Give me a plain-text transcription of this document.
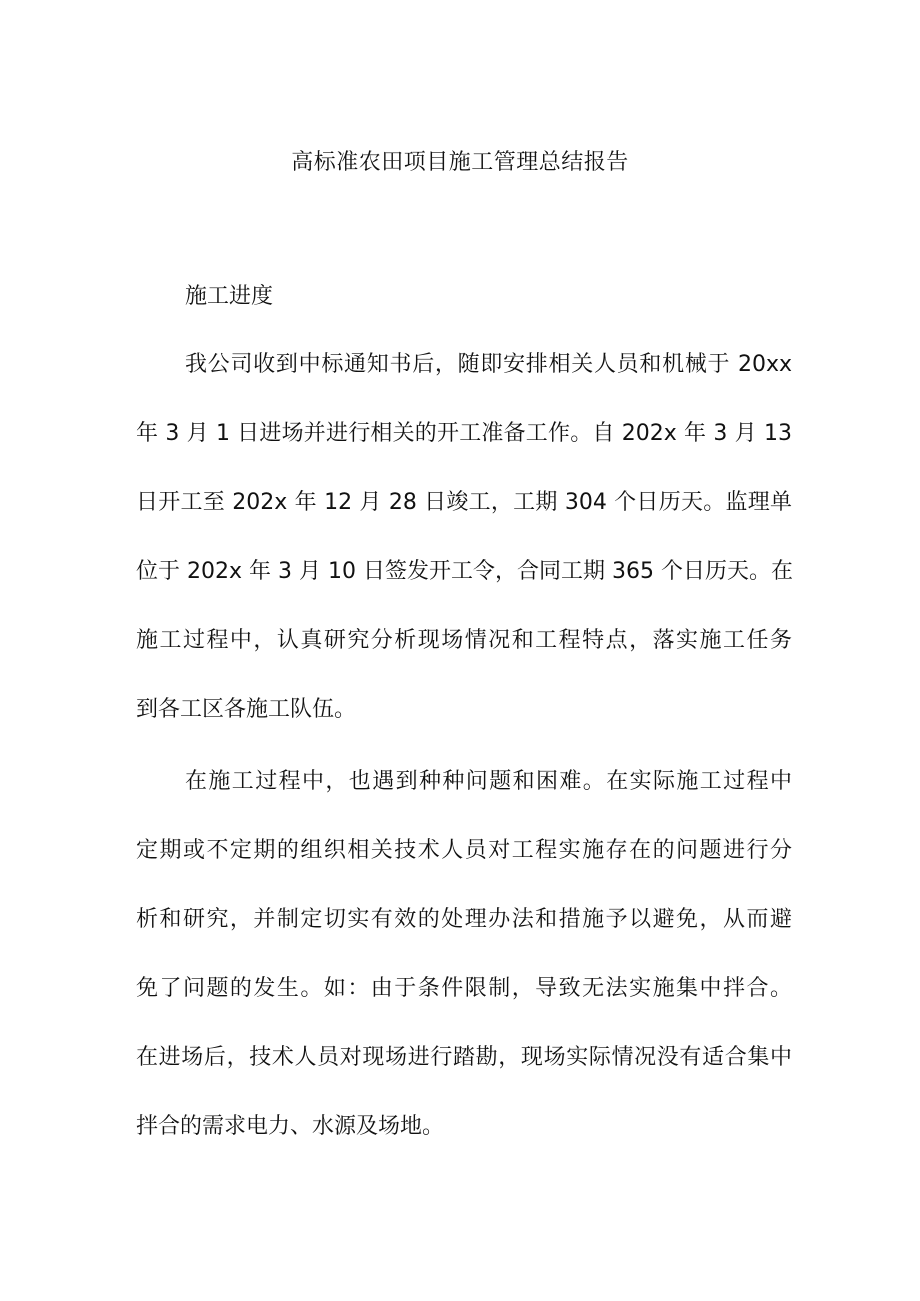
高标准农田项目施工管理总结报告
施工进度
我公司收到中标通知书后，随即安排相关人员和机械于 20xx
年 3 月 1 日进场并进行相关的开工准备工作。自 202x 年 3 月 13
日开工至 202x 年 12 月 28 日竣工，工期 304 个日历天。监理单
位于 202x 年 3 月 10 日签发开工令，合同工期 365 个日历天。在
施工过程中，认真研究分析现场情况和工程特点，落实施工任务
到各工区各施工队伍。
在施工过程中，也遇到种种问题和困难。在实际施工过程中
定期或不定期的组织相关技术人员对工程实施存在的问题进行分
析和研究，并制定切实有效的处理办法和措施予以避免，从而避
免了问题的发生。如：由于条件限制，导致无法实施集中拌合。
在进场后，技术人员对现场进行踏勘，现场实际情况没有适合集中
拌合的需求电力、水源及场地。
